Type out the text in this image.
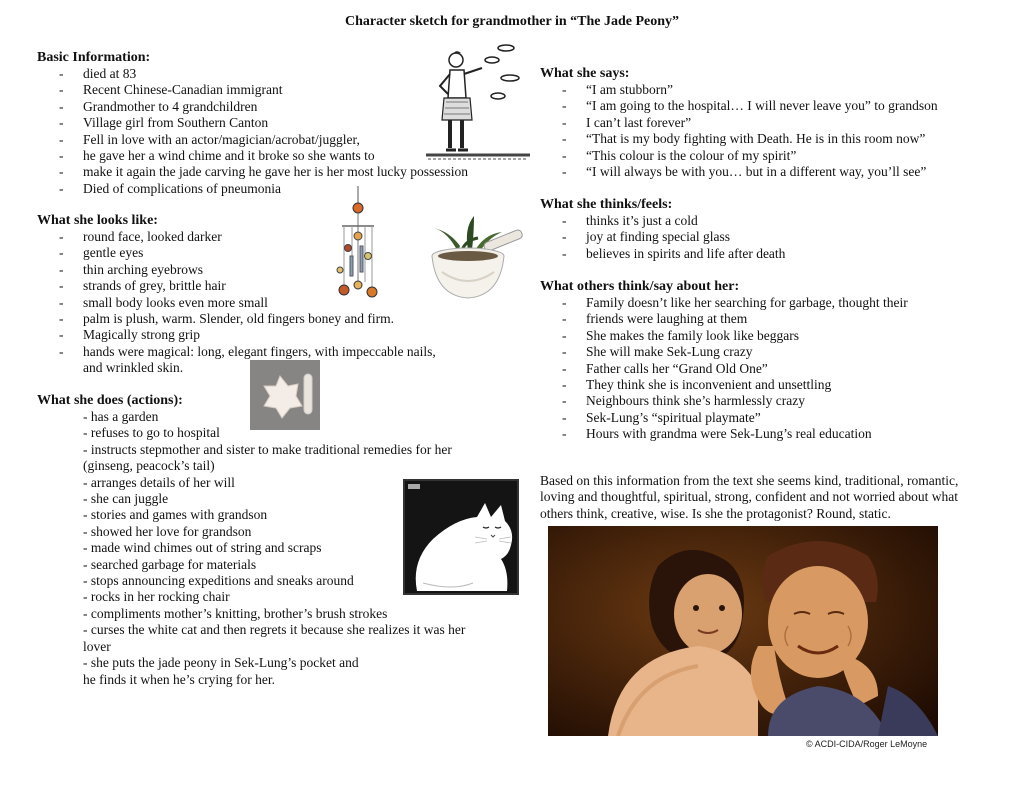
Character sketch for grandmother in “The Jade Peony”
Basic Information:
- died at 83
- Recent Chinese-Canadian immigrant
- Grandmother to 4 grandchildren
- Village girl from Southern Canton
- Fell in love with an actor/magician/acrobat/juggler,
- he gave her a wind chime and it broke so she wants to
- make it again the jade carving he gave her is her most lucky possession
- Died of complications of pneumonia
What she looks like:
- round face, looked darker
- gentle eyes
- thin arching eyebrows
- strands of grey, brittle hair
- small body looks even more small
- palm is plush, warm. Slender, old fingers boney and firm.
- Magically strong grip
- hands were magical: long, elegant fingers, with impeccable nails,
and wrinkled skin.
What she does (actions):
- has a garden
- refuses to go to hospital
- instructs stepmother and sister to make traditional remedies for her
(ginseng, peacock’s tail)
- arranges details of her will
- she can juggle
- stories and games with grandson
- showed her love for grandson
- made wind chimes out of string and scraps
- searched garbage for materials
- stops announcing expeditions and sneaks around
- rocks in her rocking chair
- compliments mother’s knitting, brother’s brush strokes
- curses the white cat and then regrets it because she realizes it was her
lover
- she puts the jade peony in Sek-Lung’s pocket and
he finds it when he’s crying for her.
What she says:
- “I am stubborn”
- “I am going to the hospital… I will never leave you” to grandson
- I can’t last forever”
- “That is my body fighting with Death. He is in this room now”
- “This colour is the colour of my spirit”
- “I will always be with you… but in a different way, you’ll see”
What she thinks/feels:
- thinks it’s just a cold
- joy at finding special glass
- believes in spirits and life after death
What others think/say about her:
- Family doesn’t like her searching for garbage, thought their
- friends were laughing at them
- She makes the family look like beggars
- She will make Sek-Lung crazy
- Father calls her “Grand Old One”
- They think she is inconvenient and unsettling
- Neighbours think she’s harmlessly crazy
- Sek-Lung’s “spiritual playmate”
- Hours with grandma were Sek-Lung’s real education
Based on this information from the text she seems kind, traditional, romantic,
loving and thoughtful, spiritual, strong, confident and not worried about what
others think, creative, wise. Is she the protagonist? Round, static.
© ACDI-CIDA/Roger LeMoyne
